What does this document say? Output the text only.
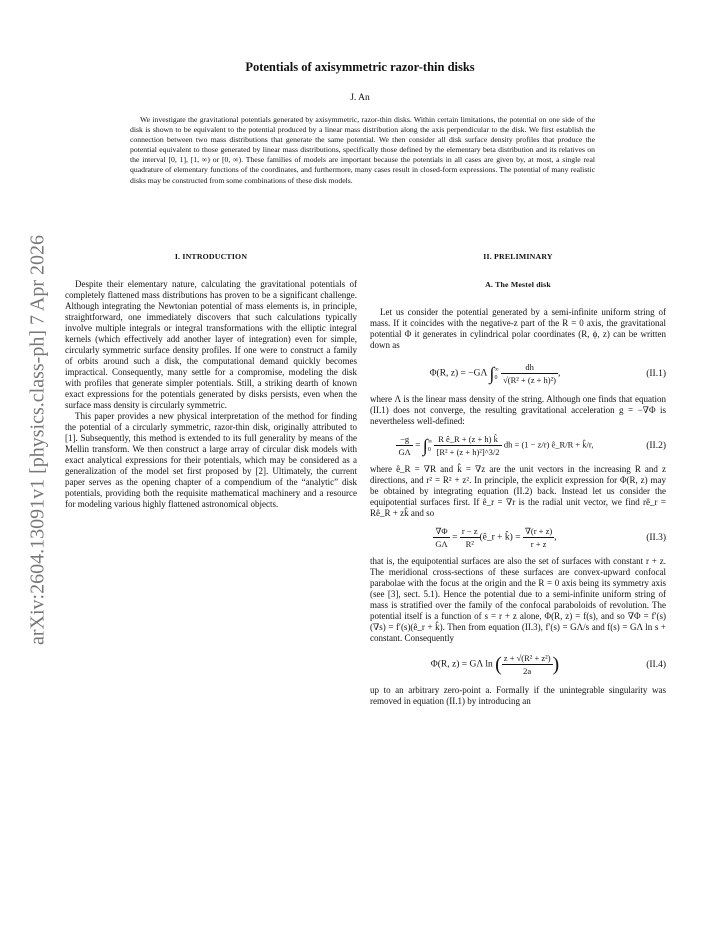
Potentials of axisymmetric razor-thin disks
J. An
We investigate the gravitational potentials generated by axisymmetric, razor-thin disks. Within certain limitations, the potential on one side of the disk is shown to be equivalent to the potential produced by a linear mass distribution along the axis perpendicular to the disk. We first establish the connection between two mass distributions that generate the same potential. We then consider all disk surface density profiles that produce the potential equivalent to those generated by linear mass distributions, specifically those defined by the elementary beta distribution and its relatives on the interval [0, 1], [1, ∞) or [0, ∞). These families of models are important because the potentials in all cases are given by, at most, a single real quadrature of elementary functions of the coordinates, and furthermore, many cases result in closed-form expressions. The potential of many realistic disks may be constructed from some combinations of these disk models.
arXiv:2604.13091v1 [physics.class-ph] 7 Apr 2026	I. INTRODUCTION
Despite their elementary nature, calculating the gravitational potentials of completely flattened mass distributions has proven to be a significant challenge. Although integrating the Newtonian potential of mass elements is, in principle, straightforward, one immediately discovers that such calculations typically involve multiple integrals or integral transformations with the elliptic integral kernels (which effectively add another layer of integration) even for simple, circularly symmetric surface density profiles. If one were to construct a family of orbits around such a disk, the computational demand quickly becomes impractical. Consequently, many settle for a compromise, modeling the disk with profiles that generate simpler potentials. Still, a striking dearth of known exact expressions for the potentials generated by disks persists, even when the surface mass density is circularly symmetric.
This paper provides a new physical interpretation of the method for finding the potential of a circularly symmetric, razor-thin disk, originally attributed to [1]. Subsequently, this method is extended to its full generality by means of the Mellin transform. We then construct a large array of circular disk models with exact analytical expressions for their potentials, which may be considered as a generalization of the model set first proposed by [2]. Ultimately, the current paper serves as the opening chapter of a compendium of the “analytic” disk potentials, providing both the requisite mathematical machinery and a resource for modeling various highly flattened astronomical objects.
II. PRELIMINARY
A. The Mestel disk
Let us consider the potential generated by a semi-infinite uniform string of mass. If it coincides with the negative-z part of the R = 0 axis, the gravitational potential Φ it generates in cylindrical polar coordinates (R, ϕ, z) can be written down as
Φ(R, z) = −GΛ ∫∞
$0 \frac{dh}{\text{√(R² + (z + h)²)}}$ ,	(II.1)
where Λ is the linear mass density of the string. Although one finds that equation (II.1) does not converge, the resulting gravitational acceleration g = −∇Φ is nevertheless well-defined:
$\frac{-g}{G\Lambda}$ = ∫∞
$0 \frac{\text{R ê\_R + (z + h) k̂}}{\text{[R² + (z + h)²]\textasciicircum{}3/2}}$ dh = (1 − z/r) ê_R/R + k̂/r,	(II.2)
where ê_R = ∇R and k̂ = ∇z are the unit vectors in the increasing R and z directions, and r² = R² + z². In principle, the explicit expression for Φ(R, z) may be obtained by integrating equation (II.2) back. Instead let us consider the equipotential surfaces first. If ê_r = ∇r is the radial unit vector, we find rê_r = Rê_R + zk̂ and so
$\frac{\nabla\Phi}{G\Lambda} = \frac{r - z}{\text{R²}}$ (ê_r + k̂) = $\frac{\nabla(r + z)}{r + z}$ ,	(II.3)
that is, the equipotential surfaces are also the set of surfaces with constant r + z. The meridional cross-sections of these surfaces are convex-upward confocal parabolae with the focus at the origin and the R = 0 axis being its symmetry axis (see [3], sect. 5.1). Hence the potential due to a semi-infinite uniform string of mass is stratified over the family of the confocal paraboloids of revolution. The potential itself is a function of s = r + z alone, Φ(R, z) = f(s), and so ∇Φ = f′(s)(∇s) = f′(s)(ê_r + k̂). Then from equation (II.3), f′(s) = GΛ/s and f(s) = GΛ ln s + constant. Consequently
Φ(R, z) = GΛ ln ( $\frac{\text{z + √(R² + z²)}}{2a}$ )	(II.4)
up to an arbitrary zero-point a. Formally if the unintegrable singularity was removed in equation (II.1) by introducing an
